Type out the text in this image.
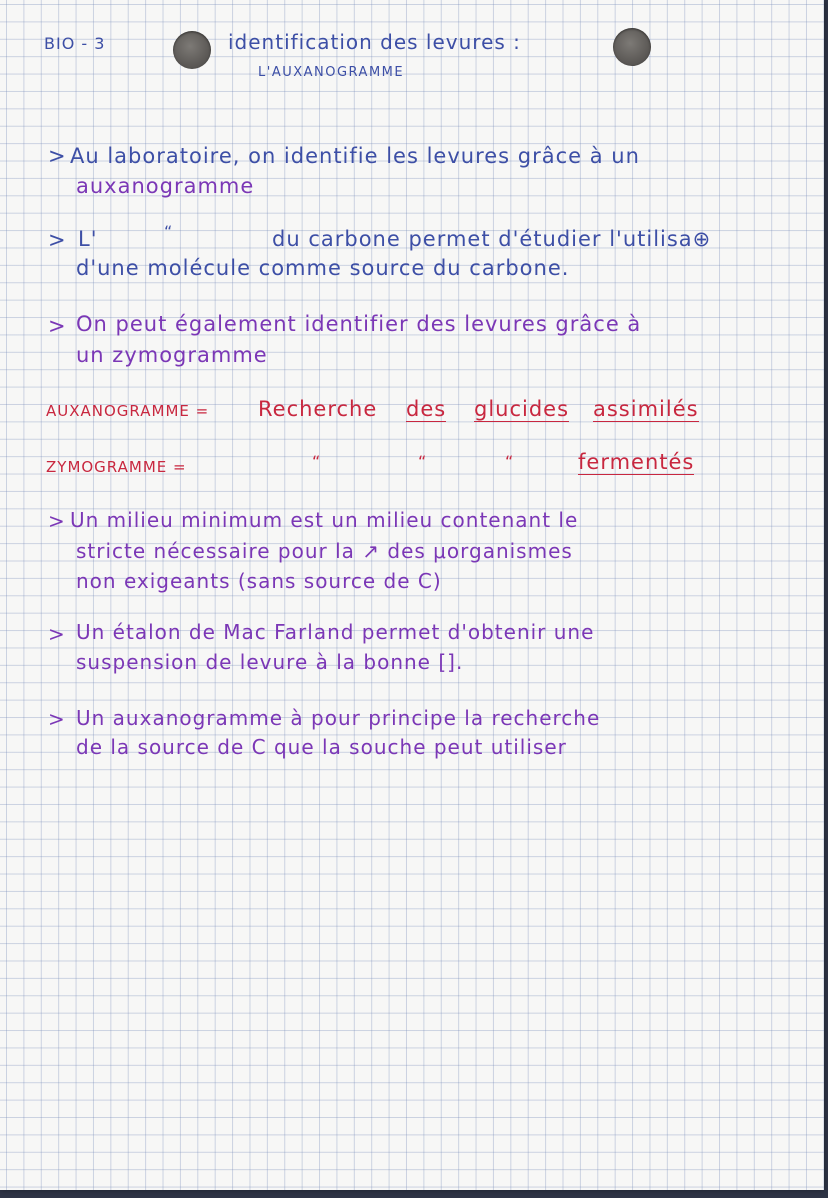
BIO - 3	identification des levures :
L'AUXANOGRAMME
> Au laboratoire, on identifie les levures grâce à un
auxanogramme
> L'	“	du carbone permet d'étudier l'utilisa⊕
d'une molécule comme source du carbone.
> On peut également identifier des levures grâce à
un zymogramme
AUXANOGRAMME = Recherche des glucides assimilés
ZYMOGRAMME =	“	“	“	fermentés
> Un milieu minimum est un milieu contenant le
stricte nécessaire pour la ↗ des μorganismes
non exigeants (sans source de C)
> Un étalon de Mac Farland permet d'obtenir une
suspension de levure à la bonne [].
> Un auxanogramme à pour principe la recherche
de la source de C que la souche peut utiliser
